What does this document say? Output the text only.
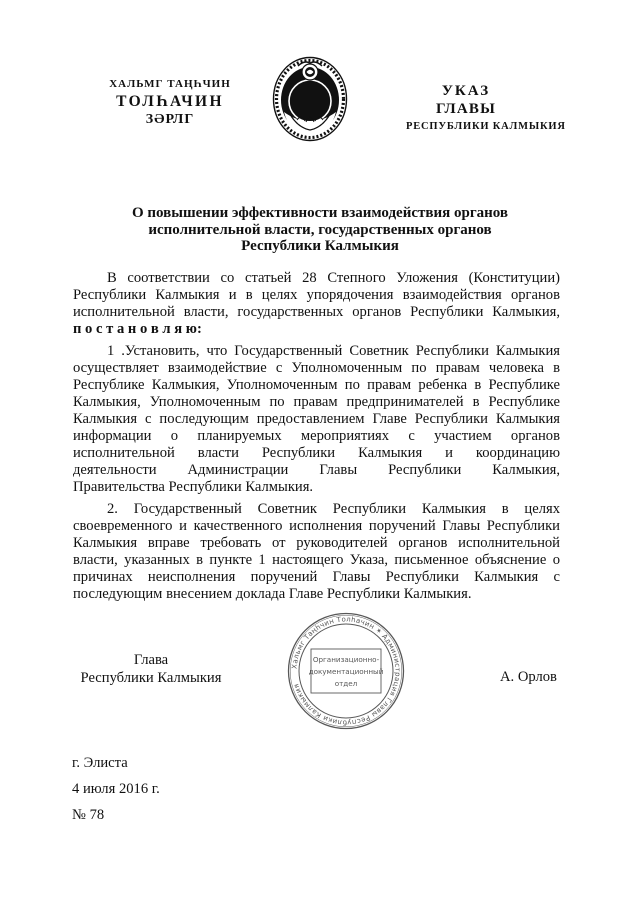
ХАЛЬМГ ТАҢҺЧИН
ТОЛҺАЧИН
ЗӘРЛГ
УКАЗ
ГЛАВЫ
РЕСПУБЛИКИ КАЛМЫКИЯ
О повышении эффективности взаимодействия органов
исполнительной власти, государственных органов
Республики Калмыкия
В соответствии со статьей 28 Степного Уложения (Конституции)
Республики Калмыкия и в целях упорядочения взаимодействия органов
исполнительной власти, государственных органов Республики Калмыкия,
п о с т а н о в л я ю:
1 .Установить, что Государственный Советник Республики Калмыкия
осуществляет взаимодействие с Уполномоченным по правам человека в
Республике Калмыкия, Уполномоченным по правам ребенка в Республике
Калмыкия, Уполномоченным по правам предпринимателей в Республике
Калмыкия с последующим предоставлением Главе Республики Калмыкия
информации о планируемых мероприятиях с участием органов
исполнительной власти Республики Калмыкия и координацию
деятельности Администрации Главы Республики Калмыкия,
Правительства Республики Калмыкия.
2. Государственный Советник Республики Калмыкия в целях
своевременного и качественного исполнения поручений Главы Республики
Калмыкия вправе требовать от руководителей органов исполнительной
власти, указанных в пункте 1 настоящего Указа, письменное объяснение о
причинах неисполнения поручений Главы Республики Калмыкия с
последующим внесением доклада Главе Республики Калмыкия.
Глава
Республики Калмыкия	А. Орлов
Хальмг Таңһчин Толһачин ✶ Администрация Главы Республики Калмыкия
Организационно-
документационный
отдел
г. Элиста
4 июля 2016 г.
№ 78
